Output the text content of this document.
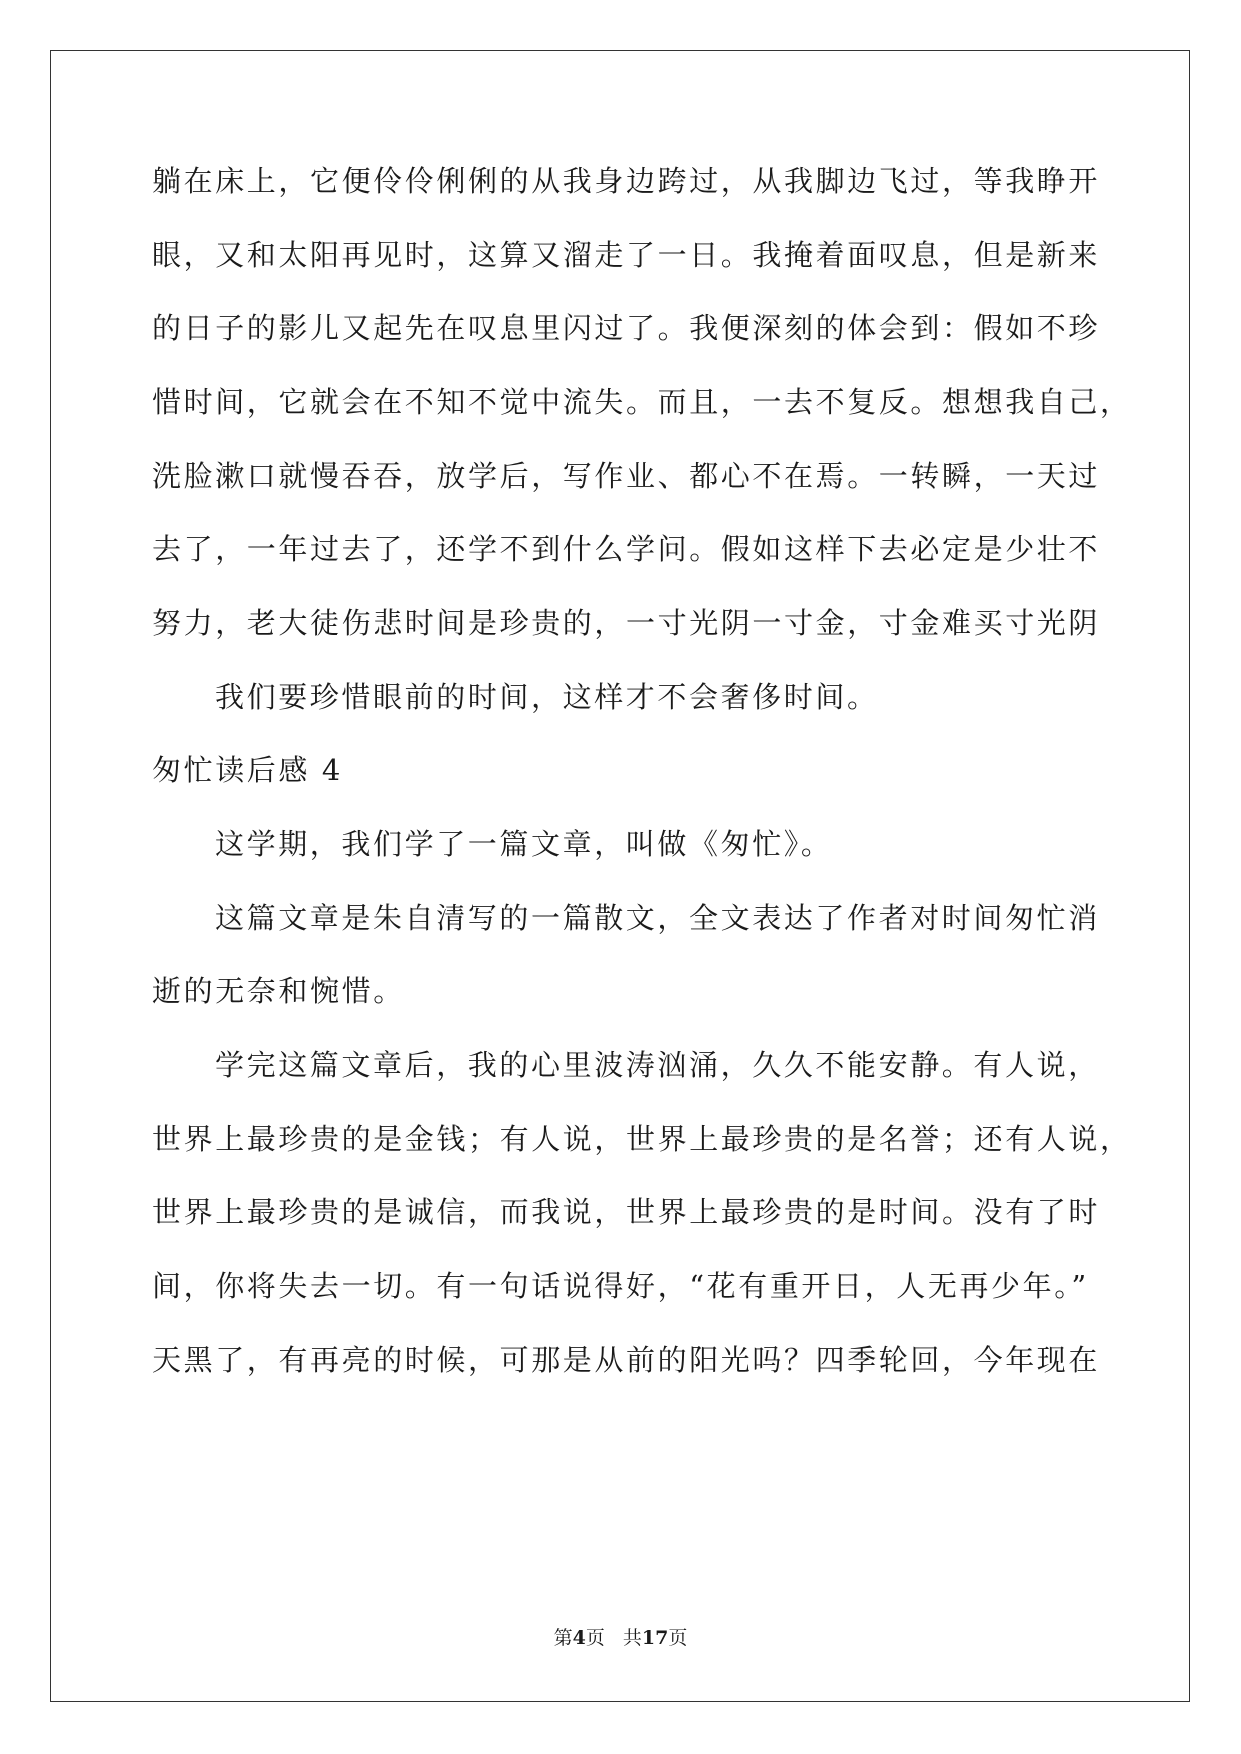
躺在床上，它便伶伶俐俐的从我身边跨过，从我脚边飞过，等我睁开
眼，又和太阳再见时，这算又溜走了一日。我掩着面叹息，但是新来
的日子的影儿又起先在叹息里闪过了。我便深刻的体会到：假如不珍
惜时间，它就会在不知不觉中流失。而且，一去不复反。想想我自己，
洗脸漱口就慢吞吞，放学后，写作业、都心不在焉。一转瞬，一天过
去了，一年过去了，还学不到什么学问。假如这样下去必定是少壮不
努力，老大徒伤悲时间是珍贵的，一寸光阴一寸金，寸金难买寸光阴
我们要珍惜眼前的时间，这样才不会奢侈时间。
匆忙读后感 4
这学期，我们学了一篇文章，叫做《匆忙》。
这篇文章是朱自清写的一篇散文，全文表达了作者对时间匆忙消
逝的无奈和惋惜。
学完这篇文章后，我的心里波涛汹涌，久久不能安静。有人说，
世界上最珍贵的是金钱；有人说，世界上最珍贵的是名誉；还有人说，
世界上最珍贵的是诚信，而我说，世界上最珍贵的是时间。没有了时
间，你将失去一切。有一句话说得好，“花有重开日，人无再少年。”
天黑了，有再亮的时候，可那是从前的阳光吗？四季轮回，今年现在
第4页 共17页
